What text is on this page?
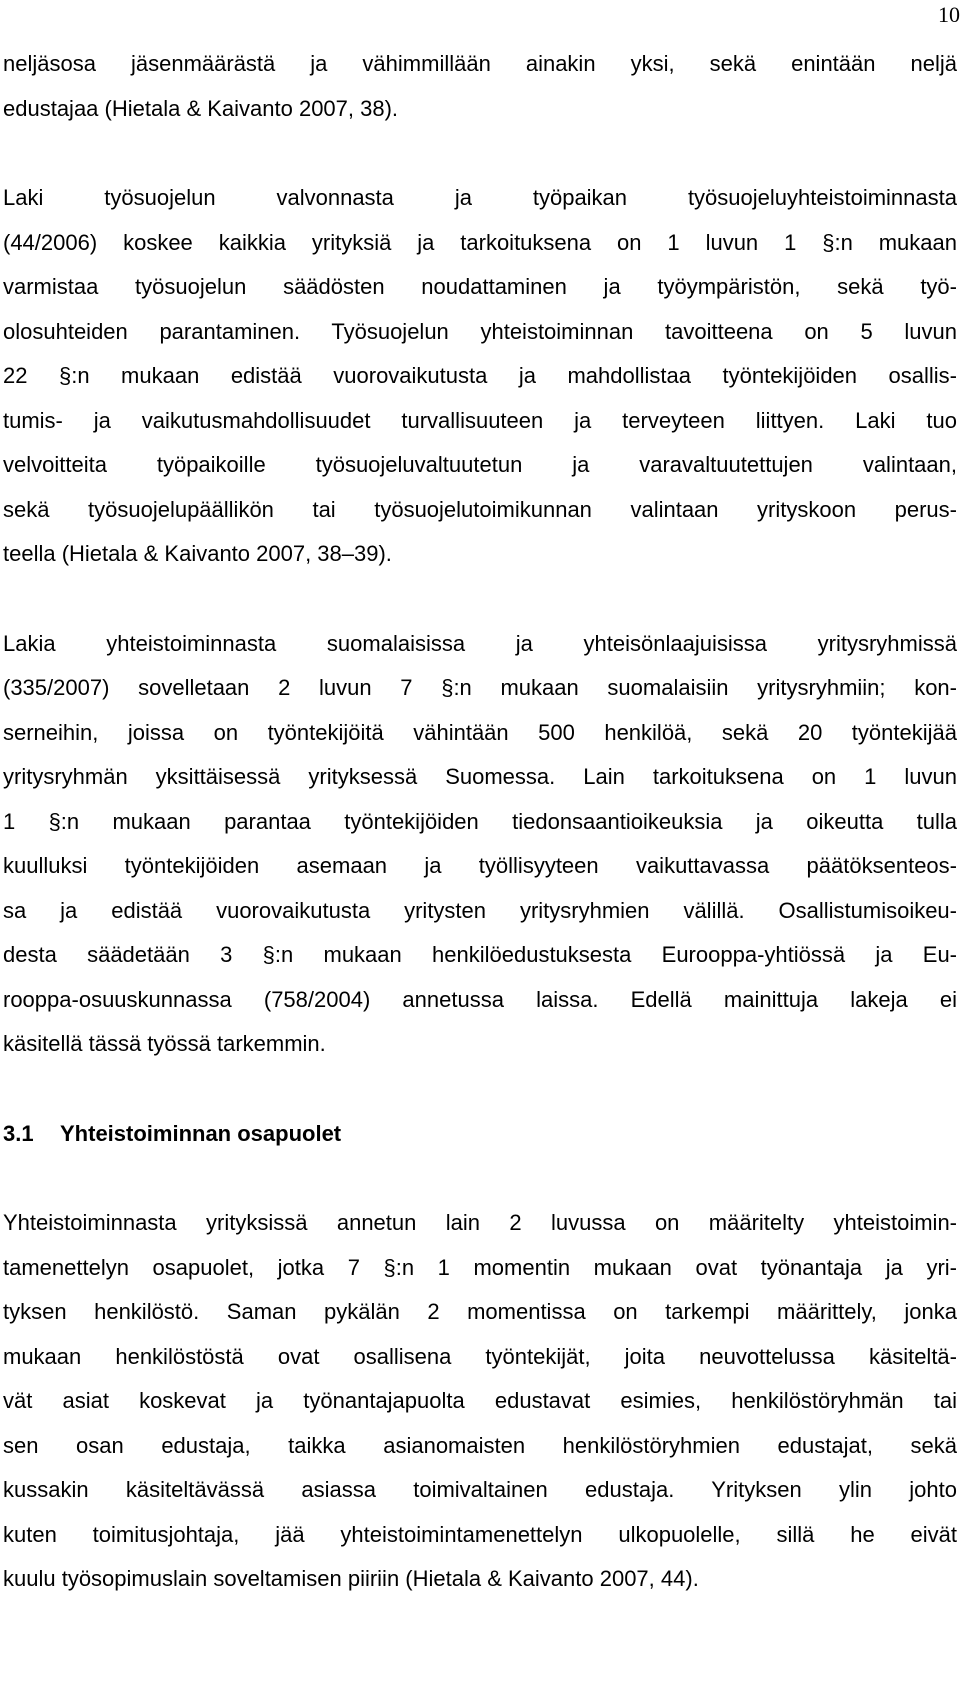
10
neljäsosa jäsenmäärästä ja vähimmillään ainakin yksi, sekä enintään neljä
edustajaa (Hietala & Kaivanto 2007, 38).
Laki työsuojelun valvonnasta ja työpaikan työsuojeluyhteistoiminnasta
(44/2006) koskee kaikkia yrityksiä ja tarkoituksena on 1 luvun 1 §:n mukaan
varmistaa työsuojelun säädösten noudattaminen ja työympäristön, sekä työ-
olosuhteiden parantaminen. Työsuojelun yhteistoiminnan tavoitteena on 5 luvun
22 §:n mukaan edistää vuorovaikutusta ja mahdollistaa työntekijöiden osallis-
tumis- ja vaikutusmahdollisuudet turvallisuuteen ja terveyteen liittyen. Laki tuo
velvoitteita työpaikoille työsuojeluvaltuutetun ja varavaltuutettujen valintaan,
sekä työsuojelupäällikön tai työsuojelutoimikunnan valintaan yrityskoon perus-
teella (Hietala & Kaivanto 2007, 38–39).
Lakia yhteistoiminnasta suomalaisissa ja yhteisönlaajuisissa yritysryhmissä
(335/2007) sovelletaan 2 luvun 7 §:n mukaan suomalaisiin yritysryhmiin; kon-
serneihin, joissa on työntekijöitä vähintään 500 henkilöä, sekä 20 työntekijää
yritysryhmän yksittäisessä yrityksessä Suomessa. Lain tarkoituksena on 1 luvun
1 §:n mukaan parantaa työntekijöiden tiedonsaantioikeuksia ja oikeutta tulla
kuulluksi työntekijöiden asemaan ja työllisyyteen vaikuttavassa päätöksenteos-
sa ja edistää vuorovaikutusta yritysten yritysryhmien välillä. Osallistumisoikeu-
desta säädetään 3 §:n mukaan henkilöedustuksesta Eurooppa-yhtiössä ja Eu-
rooppa-osuuskunnassa (758/2004) annetussa laissa. Edellä mainittuja lakeja ei
käsitellä tässä työssä tarkemmin.
3.1 Yhteistoiminnan osapuolet
Yhteistoiminnasta yrityksissä annetun lain 2 luvussa on määritelty yhteistoimin-
tamenettelyn osapuolet, jotka 7 §:n 1 momentin mukaan ovat työnantaja ja yri-
tyksen henkilöstö. Saman pykälän 2 momentissa on tarkempi määrittely, jonka
mukaan henkilöstöstä ovat osallisena työntekijät, joita neuvottelussa käsiteltä-
vät asiat koskevat ja työnantajapuolta edustavat esimies, henkilöstöryhmän tai
sen osan edustaja, taikka asianomaisten henkilöstöryhmien edustajat, sekä
kussakin käsiteltävässä asiassa toimivaltainen edustaja. Yrityksen ylin johto
kuten toimitusjohtaja, jää yhteistoimintamenettelyn ulkopuolelle, sillä he eivät
kuulu työsopimuslain soveltamisen piiriin (Hietala & Kaivanto 2007, 44).
